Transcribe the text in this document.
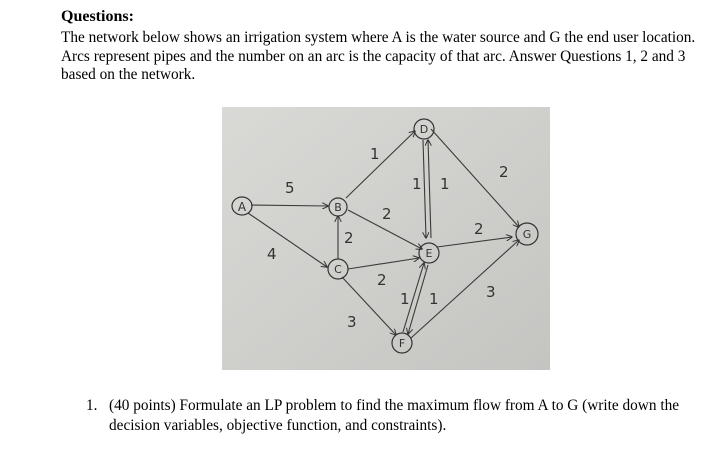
Questions:
The network below shows an irrigation system where A is the water source and G the end user location. Arcs represent pipes and the number on an arc is the capacity of that arc. Answer Questions 1, 2 and 3 based on the network.
A	B
C
D
E
F
G
5
4
2
1
2
1 1
2
2
2
3
1 1	3
1. (40 points) Formulate an LP problem to find the maximum flow from A to G (write down the decision variables, objective function, and constraints).
